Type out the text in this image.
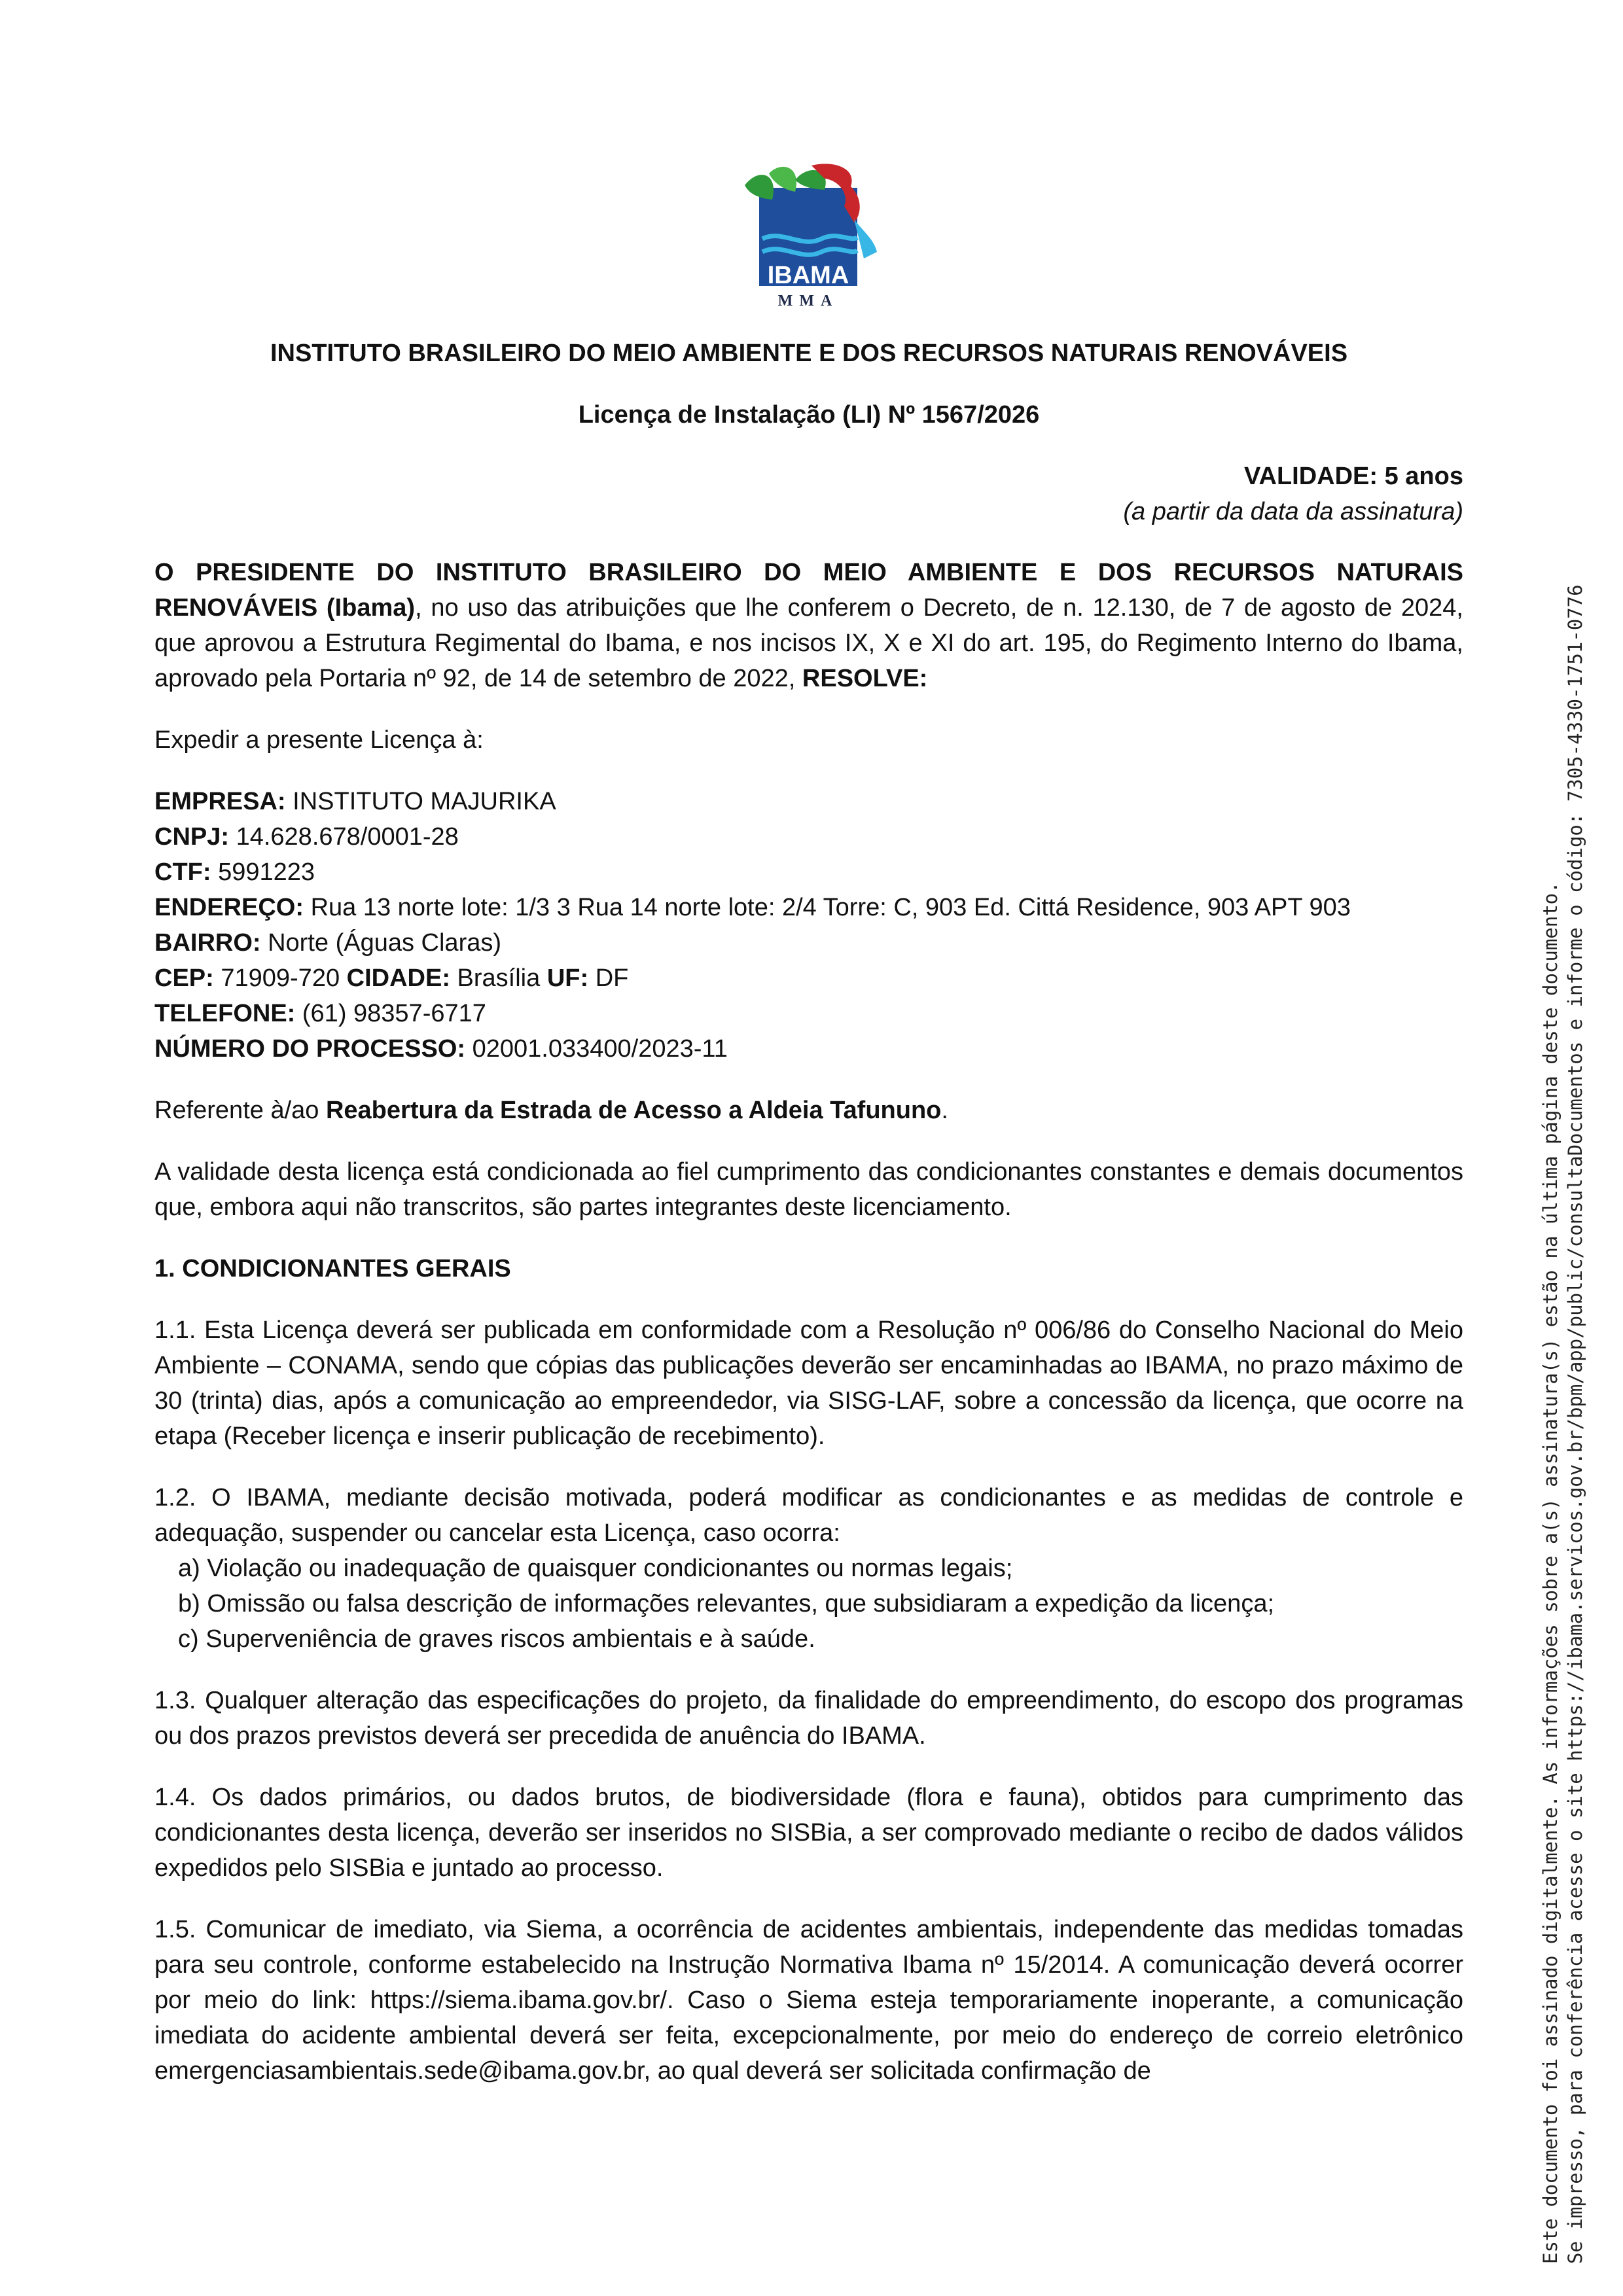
IBAMA
MMA
INSTITUTO BRASILEIRO DO MEIO AMBIENTE E DOS RECURSOS NATURAIS RENOVÁVEIS
Licença de Instalação (LI) Nº 1567/2026
VALIDADE: 5 anos
(a partir da data da assinatura)

O PRESIDENTE DO INSTITUTO BRASILEIRO DO MEIO AMBIENTE E DOS RECURSOS NATURAIS RENOVÁVEIS (Ibama), no uso das atribuições que lhe conferem o Decreto, de n. 12.130, de 7 de agosto de 2024, que aprovou a Estrutura Regimental do Ibama, e nos incisos IX, X e XI do art. 195, do Regimento Interno do Ibama, aprovado pela Portaria nº 92, de 14 de setembro de 2022, RESOLVE:

Expedir a presente Licença à:

EMPRESA: INSTITUTO MAJURIKA
CNPJ: 14.628.678/0001-28
CTF: 5991223
ENDEREÇO: Rua 13 norte lote: 1/3 3 Rua 14 norte lote: 2/4 Torre: C, 903 Ed. Cittá Residence, 903 APT 903
BAIRRO: Norte (Águas Claras)
CEP: 71909-720 CIDADE: Brasília UF: DF
TELEFONE: (61) 98357-6717
NÚMERO DO PROCESSO: 02001.033400/2023-11

Referente à/ao Reabertura da Estrada de Acesso a Aldeia Tafununo.

A validade desta licença está condicionada ao fiel cumprimento das condicionantes constantes e demais documentos que, embora aqui não transcritos, são partes integrantes deste licenciamento.

1. CONDICIONANTES GERAIS

1.1. Esta Licença deverá ser publicada em conformidade com a Resolução nº 006/86 do Conselho Nacional do Meio Ambiente – CONAMA, sendo que cópias das publicações deverão ser encaminhadas ao IBAMA, no prazo máximo de 30 (trinta) dias, após a comunicação ao empreendedor, via SISG-LAF, sobre a concessão da licença, que ocorre na etapa (Receber licença e inserir publicação de recebimento).

1.2. O IBAMA, mediante decisão motivada, poderá modificar as condicionantes e as medidas de controle e adequação, suspender ou cancelar esta Licença, caso ocorra:
a) Violação ou inadequação de quaisquer condicionantes ou normas legais;
b) Omissão ou falsa descrição de informações relevantes, que subsidiaram a expedição da licença;
c) Superveniência de graves riscos ambientais e à saúde.

1.3. Qualquer alteração das especificações do projeto, da finalidade do empreendimento, do escopo dos programas ou dos prazos previstos deverá ser precedida de anuência do IBAMA.

1.4. Os dados primários, ou dados brutos, de biodiversidade (flora e fauna), obtidos para cumprimento das condicionantes desta licença, deverão ser inseridos no SISBia, a ser comprovado mediante o recibo de dados válidos expedidos pelo SISBia e juntado ao processo.

1.5. Comunicar de imediato, via Siema, a ocorrência de acidentes ambientais, independente das medidas tomadas para seu controle, conforme estabelecido na Instrução Normativa Ibama nº 15/2014. A comunicação deverá ocorrer por meio do link: https://siema.ibama.gov.br/. Caso o Siema esteja temporariamente inoperante, a comunicação imediata do acidente ambiental deverá ser feita, excepcionalmente, por meio do endereço de correio eletrônico emergenciasambientais.sede@ibama.gov.br, ao qual deverá ser solicitada confirmação de	Este documento foi assinado digitalmente. As informações sobre a(s) assinatura(s) estão na última página deste documento. Se impresso, para conferência acesse o site https://ibama.servicos.gov.br/bpm/app/public/consultaDocumentos e informe o código: 7305-4330-1751-0776
